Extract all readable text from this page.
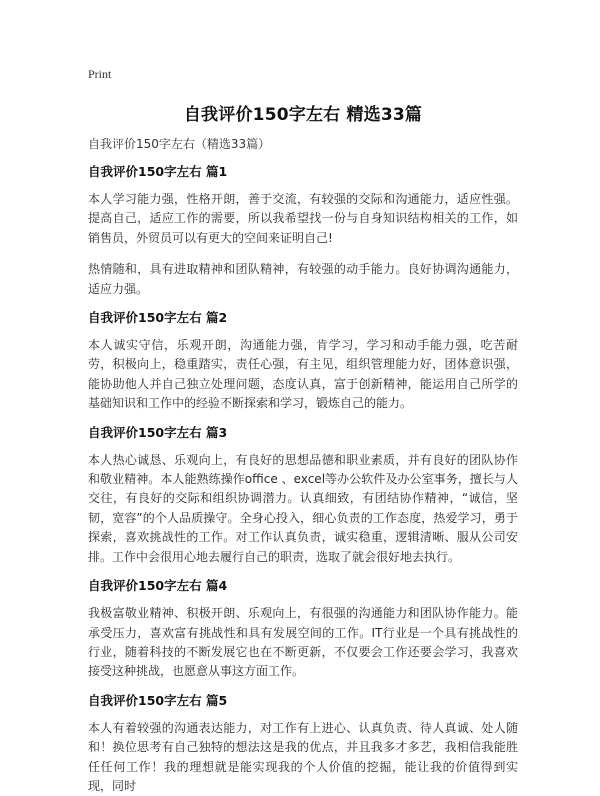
Print
自我评价150字左右 精选33篇

自我评价150字左右（精选33篇）

自我评价150字左右 篇1

本人学习能力强，性格开朗，善于交流，有较强的交际和沟通能力，适应性强。提高自己，适应工作的需要，所以我希望找一份与自身知识结构相关的工作，如销售员，外贸员可以有更大的空间来证明自己!

热情随和，具有进取精神和团队精神，有较强的动手能力。良好协调沟通能力，适应力强。

自我评价150字左右 篇2

本人诚实守信，乐观开朗，沟通能力强，肯学习，学习和动手能力强，吃苦耐劳，积极向上，稳重踏实，责任心强，有主见，组织管理能力好，团体意识强，能协助他人并自己独立处理问题，态度认真，富于创新精神，能运用自己所学的基础知识和工作中的经验不断探索和学习，锻炼自己的能力。

自我评价150字左右 篇3

本人热心诚恳、乐观向上，有良好的思想品德和职业素质，并有良好的团队协作和敬业精神。本人能熟练操作office 、excel等办公软件及办公室事务，擅长与人交往，有良好的交际和组织协调潜力。认真细致，有团结协作精神，“诚信，坚韧，宽容”的个人品质操守。全身心投入，细心负责的工作态度，热爱学习，勇于探索，喜欢挑战性的工作。对工作认真负责，诚实稳重，逻辑清晰、服从公司安排。工作中会很用心地去履行自己的职责，选取了就会很好地去执行。

自我评价150字左右 篇4

我极富敬业精神、积极开朗、乐观向上，有很强的沟通能力和团队协作能力。能承受压力，喜欢富有挑战性和具有发展空间的工作。IT行业是一个具有挑战性的行业，随着科技的不断发展它也在不断更新，不仅要会工作还要会学习，我喜欢接受这种挑战，也愿意从事这方面工作。

自我评价150字左右 篇5

本人有着较强的沟通表达能力，对工作有上进心、认真负责、待人真诚、处人随和！换位思考有自己独特的想法这是我的优点，并且我多才多艺，我相信我能胜任任何工作！我的理想就是能实现我的个人价值的挖掘，能让我的价值得到实现，同时
